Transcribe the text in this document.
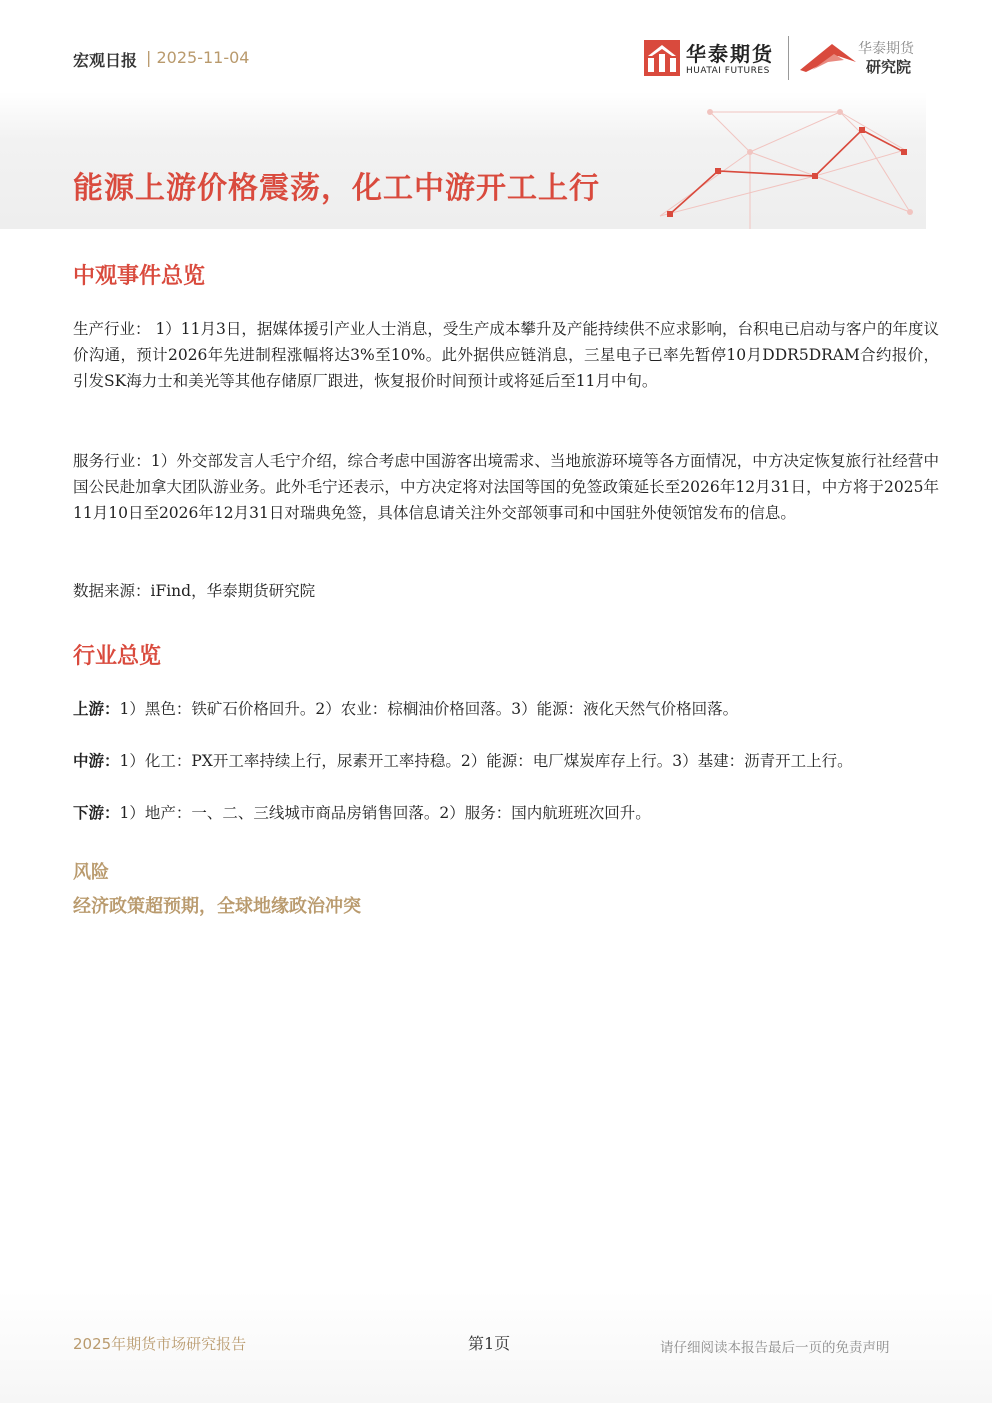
宏观日报 | 2025-11-04	华泰期货
HUATAI FUTURES
华泰期货
研究院
能源上游价格震荡，化工中游开工上行
中观事件总览

生产行业： 1）11月3日，据媒体援引产业人士消息，受生产成本攀升及产能持续供不应求影响，台积电已启动与客户的年度议价沟通，预计2026年先进制程涨幅将达3%至10%。此外据供应链消息，三星电子已率先暂停10月DDR5DRAM合约报价，引发SK海力士和美光等其他存储原厂跟进，恢复报价时间预计或将延后至11月中旬。

服务行业：1）外交部发言人毛宁介绍，综合考虑中国游客出境需求、当地旅游环境等各方面情况，中方决定恢复旅行社经营中国公民赴加拿大团队游业务。此外毛宁还表示，中方决定将对法国等国的免签政策延长至2026年12月31日，中方将于2025年11月10日至2026年12月31日对瑞典免签，具体信息请关注外交部领事司和中国驻外使领馆发布的信息。

数据来源：iFind，华泰期货研究院

行业总览
上游：1）黑色：铁矿石价格回升。2）农业：棕榈油价格回落。3）能源：液化天然气价格回落。
中游：1）化工：PX开工率持续上行，尿素开工率持稳。2）能源：电厂煤炭库存上行。3）基建：沥青开工上行。
下游：1）地产：一、二、三线城市商品房销售回落。2）服务：国内航班班次回升。
风险
经济政策超预期，全球地缘政治冲突
2025年期货市场研究报告	第1页	请仔细阅读本报告最后一页的免责声明
